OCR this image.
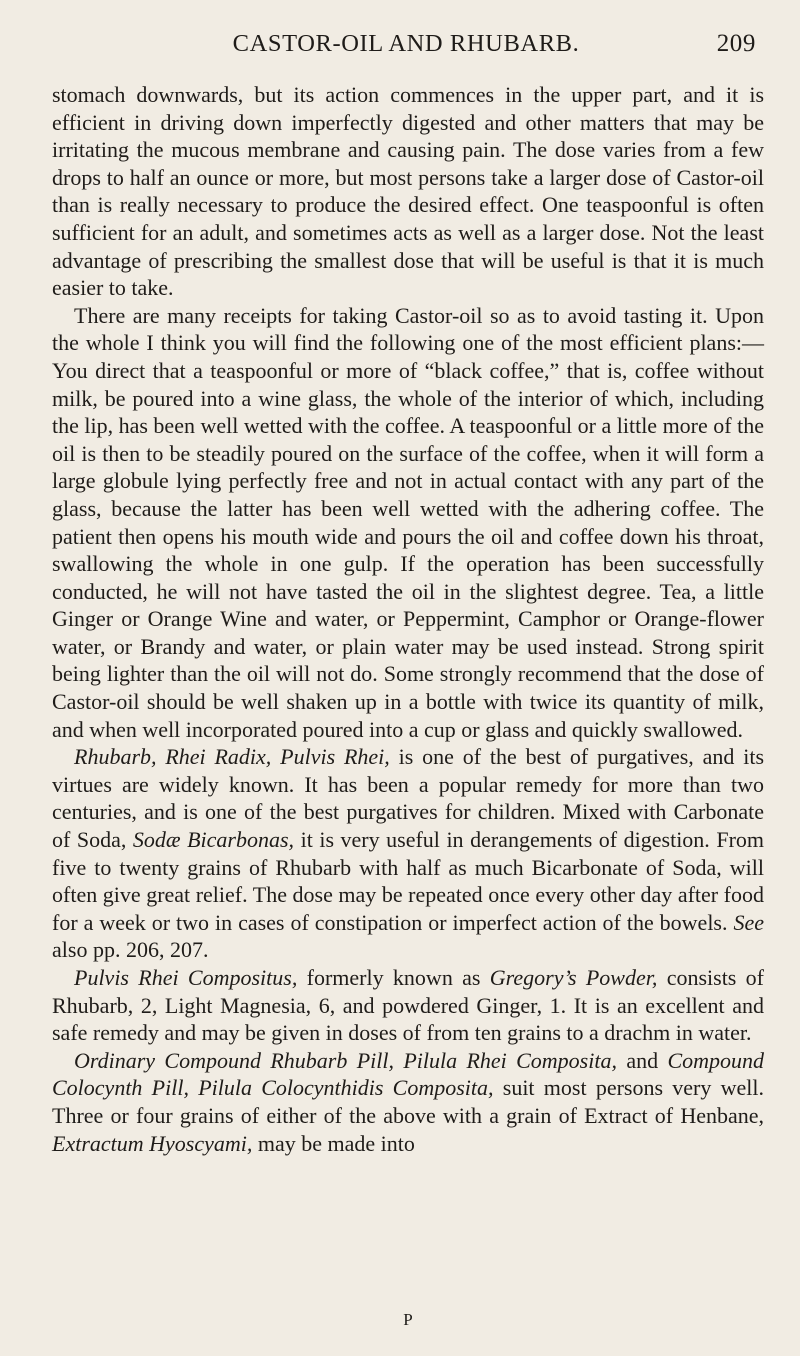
CASTOR-OIL AND RHUBARB.	209

stomach downwards, but its action commences in the upper part, and it is efficient in driving down imperfectly digested and other matters that may be irritating the mucous membrane and causing pain. The dose varies from a few drops to half an ounce or more, but most persons take a larger dose of Castor-oil than is really necessary to produce the desired effect. One teaspoonful is often sufficient for an adult, and sometimes acts as well as a larger dose. Not the least advantage of prescribing the smallest dose that will be useful is that it is much easier to take.

There are many receipts for taking Castor-oil so as to avoid tasting it. Upon the whole I think you will find the following one of the most efficient plans:—You direct that a teaspoonful or more of “black coffee,” that is, coffee without milk, be poured into a wine glass, the whole of the interior of which, including the lip, has been well wetted with the coffee. A teaspoonful or a little more of the oil is then to be steadily poured on the surface of the coffee, when it will form a large globule lying perfectly free and not in actual contact with any part of the glass, because the latter has been well wetted with the adhering coffee. The patient then opens his mouth wide and pours the oil and coffee down his throat, swallowing the whole in one gulp. If the operation has been successfully conducted, he will not have tasted the oil in the slightest degree. Tea, a little Ginger or Orange Wine and water, or Peppermint, Camphor or Orange-flower water, or Brandy and water, or plain water may be used instead. Strong spirit being lighter than the oil will not do. Some strongly recommend that the dose of Castor-oil should be well shaken up in a bottle with twice its quantity of milk, and when well incorporated poured into a cup or glass and quickly swallowed.

Rhubarb, Rhei Radix, Pulvis Rhei, is one of the best of purgatives, and its virtues are widely known. It has been a popular remedy for more than two centuries, and is one of the best purgatives for children. Mixed with Carbonate of Soda, Sodæ Bicarbonas, it is very useful in derangements of digestion. From five to twenty grains of Rhubarb with half as much Bicarbonate of Soda, will often give great relief. The dose may be repeated once every other day after food for a week or two in cases of constipation or imperfect action of the bowels. See also pp. 206, 207.

Pulvis Rhei Compositus, formerly known as Gregory’s Powder, consists of Rhubarb, 2, Light Magnesia, 6, and powdered Ginger, 1. It is an excellent and safe remedy and may be given in doses of from ten grains to a drachm in water.

Ordinary Compound Rhubarb Pill, Pilula Rhei Composita, and Compound Colocynth Pill, Pilula Colocynthidis Composita, suit most persons very well. Three or four grains of either of the above with a grain of Extract of Henbane, Extractum Hyoscyami, may be made into

P
